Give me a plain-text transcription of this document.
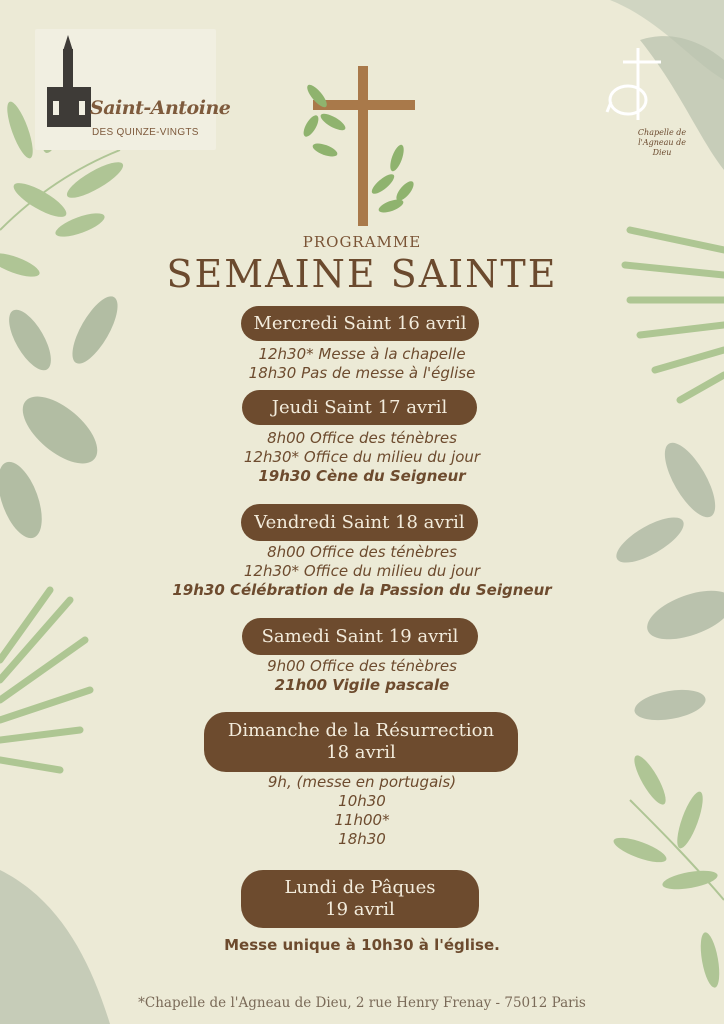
Saint-Antoine
DES QUINZE-VINGTS	Chapelle de l'Agneau de Dieu
PROGRAMME
SEMAINE SAINTE
Mercredi Saint 16 avril
12h30* Messe à la chapelle
18h30 Pas de messe à l'église
Jeudi Saint 17 avril
8h00 Office des ténèbres
12h30* Office du milieu du jour
19h30 Cène du Seigneur
Vendredi Saint 18 avril
8h00 Office des ténèbres
12h30* Office du milieu du jour
19h30 Célébration de la Passion du Seigneur
Samedi Saint 19 avril
9h00 Office des ténèbres
21h00 Vigile pascale
Dimanche de la Résurrection
18 avril
9h, (messe en portugais)
10h30
11h00*
18h30
Lundi de Pâques
19 avril
Messe unique à 10h30 à l'église.
*Chapelle de l'Agneau de Dieu, 2 rue Henry Frenay - 75012 Paris
